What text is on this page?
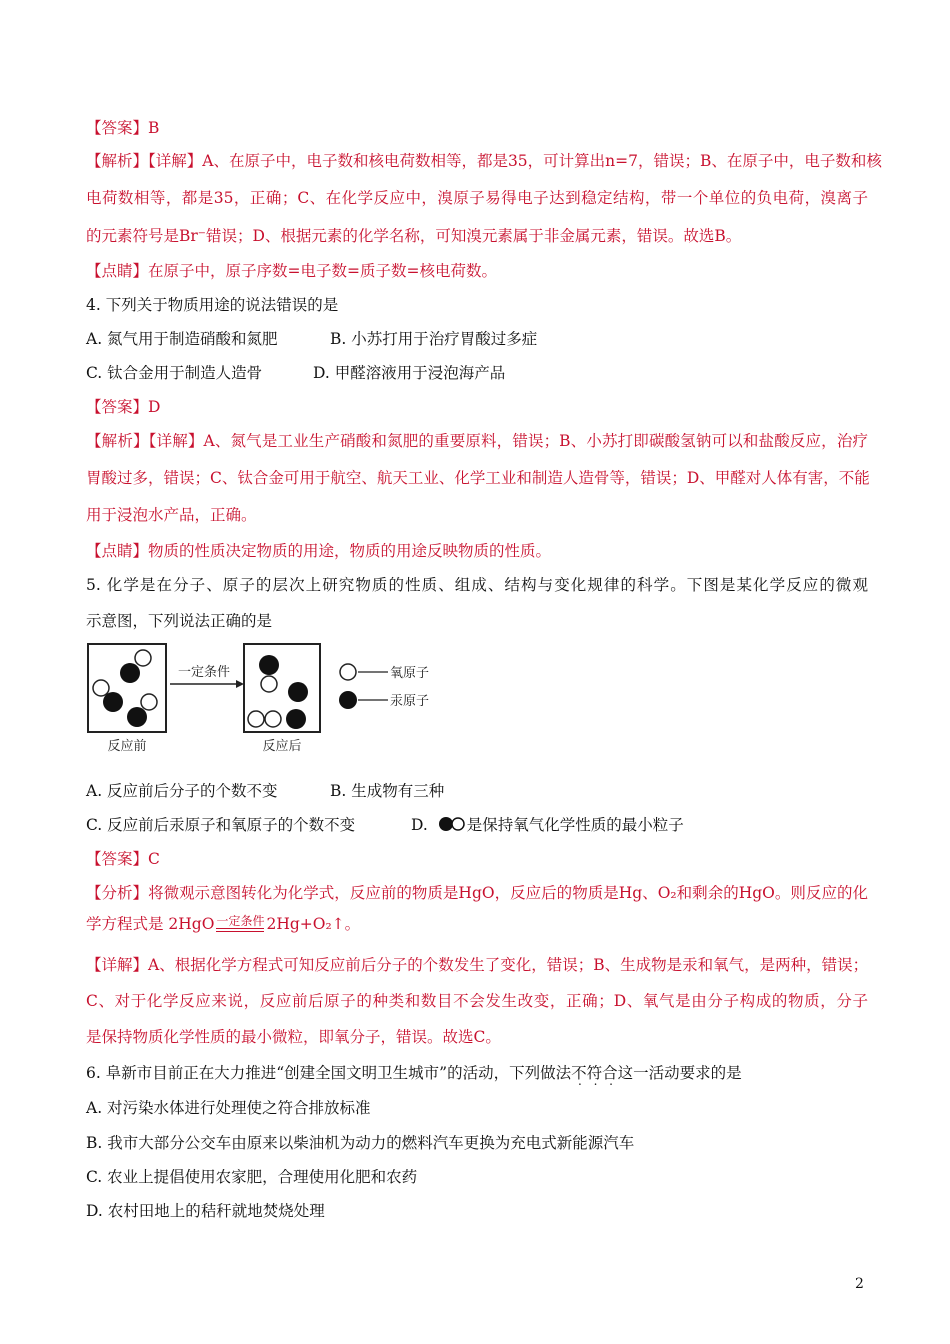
【答案】B
【解析】【详解】A、在原子中，电子数和核电荷数相等，都是35，可计算出n=7，错误；B、在原子中，电子数和核
电荷数相等，都是35，正确；C、在化学反应中，溴原子易得电子达到稳定结构，带一个单位的负电荷，溴离子
的元素符号是Br⁻错误；D、根据元素的化学名称，可知溴元素属于非金属元素，错误。故选B。
【点睛】在原子中，原子序数=电子数=质子数=核电荷数。
4. 下列关于物质用途的说法错误的是
A. 氮气用于制造硝酸和氮肥	B. 小苏打用于治疗胃酸过多症
C. 钛合金用于制造人造骨	D. 甲醛溶液用于浸泡海产品
【答案】D
【解析】【详解】A、氮气是工业生产硝酸和氮肥的重要原料，错误；B、小苏打即碳酸氢钠可以和盐酸反应，治疗
胃酸过多，错误；C、钛合金可用于航空、航天工业、化学工业和制造人造骨等，错误；D、甲醛对人体有害，不能
用于浸泡水产品，正确。
【点睛】物质的性质决定物质的用途，物质的用途反映物质的性质。
5. 化学是在分子、原子的层次上研究物质的性质、组成、结构与变化规律的科学。下图是某化学反应的微观
示意图，下列说法正确的是
一定条件
反应前	反应后
氧原子
汞原子
A. 反应前后分子的个数不变	B. 生成物有三种
C. 反应前后汞原子和氧原子的个数不变	D.	是保持氧气化学性质的最小粒子
【答案】C
【分析】将微观示意图转化为化学式，反应前的物质是HgO，反应后的物质是Hg、O₂和剩余的HgO。则反应的化
学方程式是 2HgO 一定条件 2Hg+O₂↑。
【详解】A、根据化学方程式可知反应前后分子的个数发生了变化，错误；B、生成物是汞和氧气，是两种，错误；
C、对于化学反应来说，反应前后原子的种类和数目不会发生改变，正确；D、氧气是由分子构成的物质，分子
是保持物质化学性质的最小微粒，即氧分子，错误。故选C。
6. 阜新市目前正在大力推进“创建全国文明卫生城市”的活动，下列做法不符合这一活动要求的是
A. 对污染水体进行处理使之符合排放标准
B. 我市大部分公交车由原来以柴油机为动力的燃料汽车更换为充电式新能源汽车
C. 农业上提倡使用农家肥，合理使用化肥和农药
D. 农村田地上的秸秆就地焚烧处理
2
